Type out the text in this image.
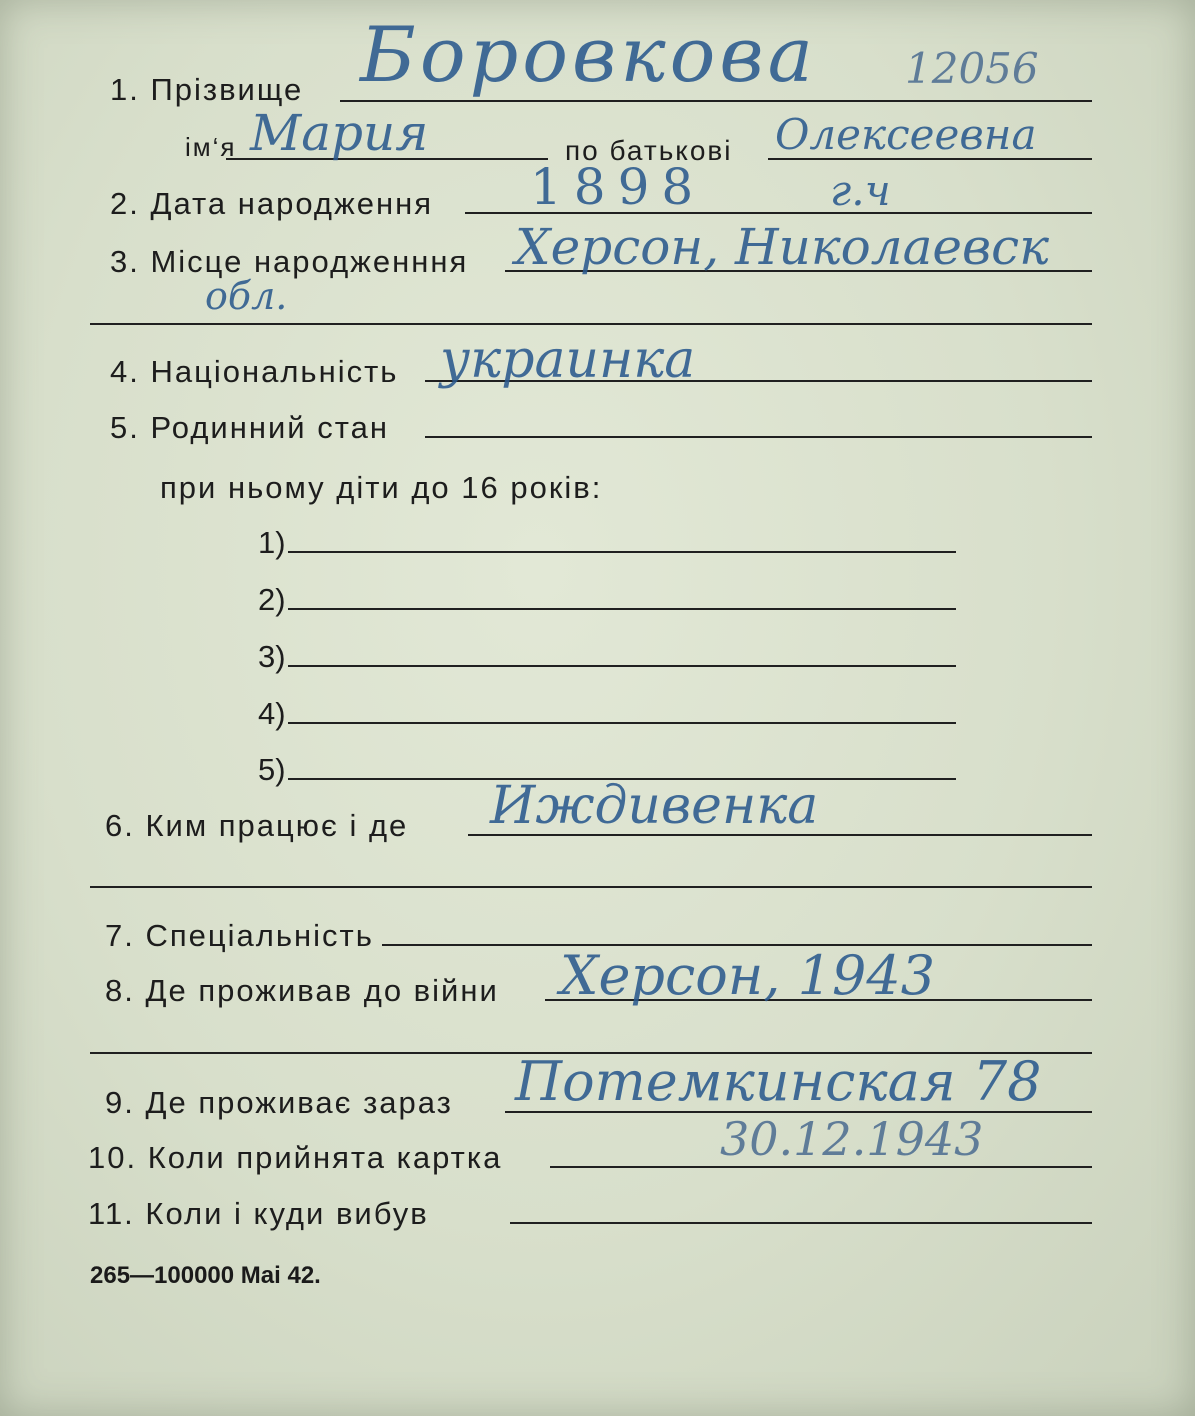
1. Прізвище Боровкова 12056
ім‘я Мария	по батькові Олексеевна
2. Дата народження 1898	г.ч
3. Місце народженння Херсон, Николаевск
обл.
4. Національність украинка
5. Родинний стан
при ньому діти до 16 років:
1)
2)
3)
4)
5)
6. Ким працює і де Иждивенка
7. Спеціальність
8. Де проживав до війни Херсон, 1943
9. Де проживає зараз Потемкинская 78
10. Коли прийнята картка	30.12.1943
11. Коли і куди вибув
265—100000 Mai 42.
